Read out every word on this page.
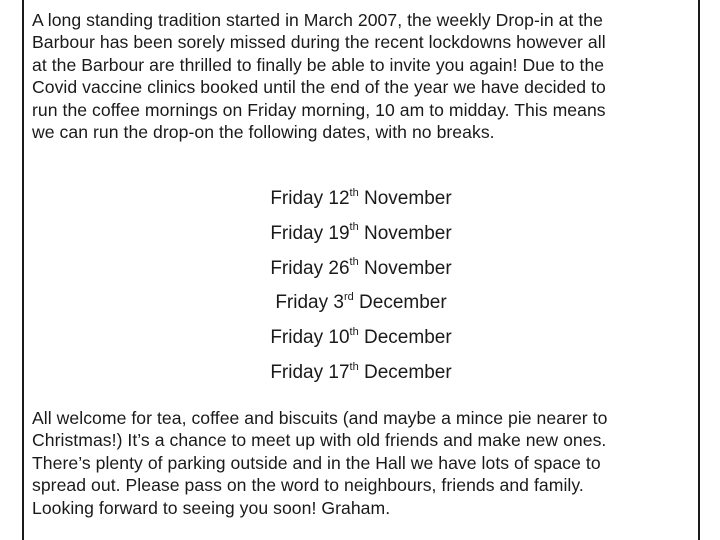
A long standing tradition started in March 2007, the weekly Drop-in at the
Barbour has been sorely missed during the recent lockdowns however all
at the Barbour are thrilled to finally be able to invite you again! Due to the
Covid vaccine clinics booked until the end of the year we have decided to
run the coffee mornings on Friday morning, 10 am to midday. This means
we can run the drop-on the following dates, with no breaks.
Friday 12th November
Friday 19th November
Friday 26th November
Friday 3rd December
Friday 10th December
Friday 17th December
All welcome for tea, coffee and biscuits (and maybe a mince pie nearer to
Christmas!) It’s a chance to meet up with old friends and make new ones.
There’s plenty of parking outside and in the Hall we have lots of space to
spread out. Please pass on the word to neighbours, friends and family.
Looking forward to seeing you soon! Graham.
